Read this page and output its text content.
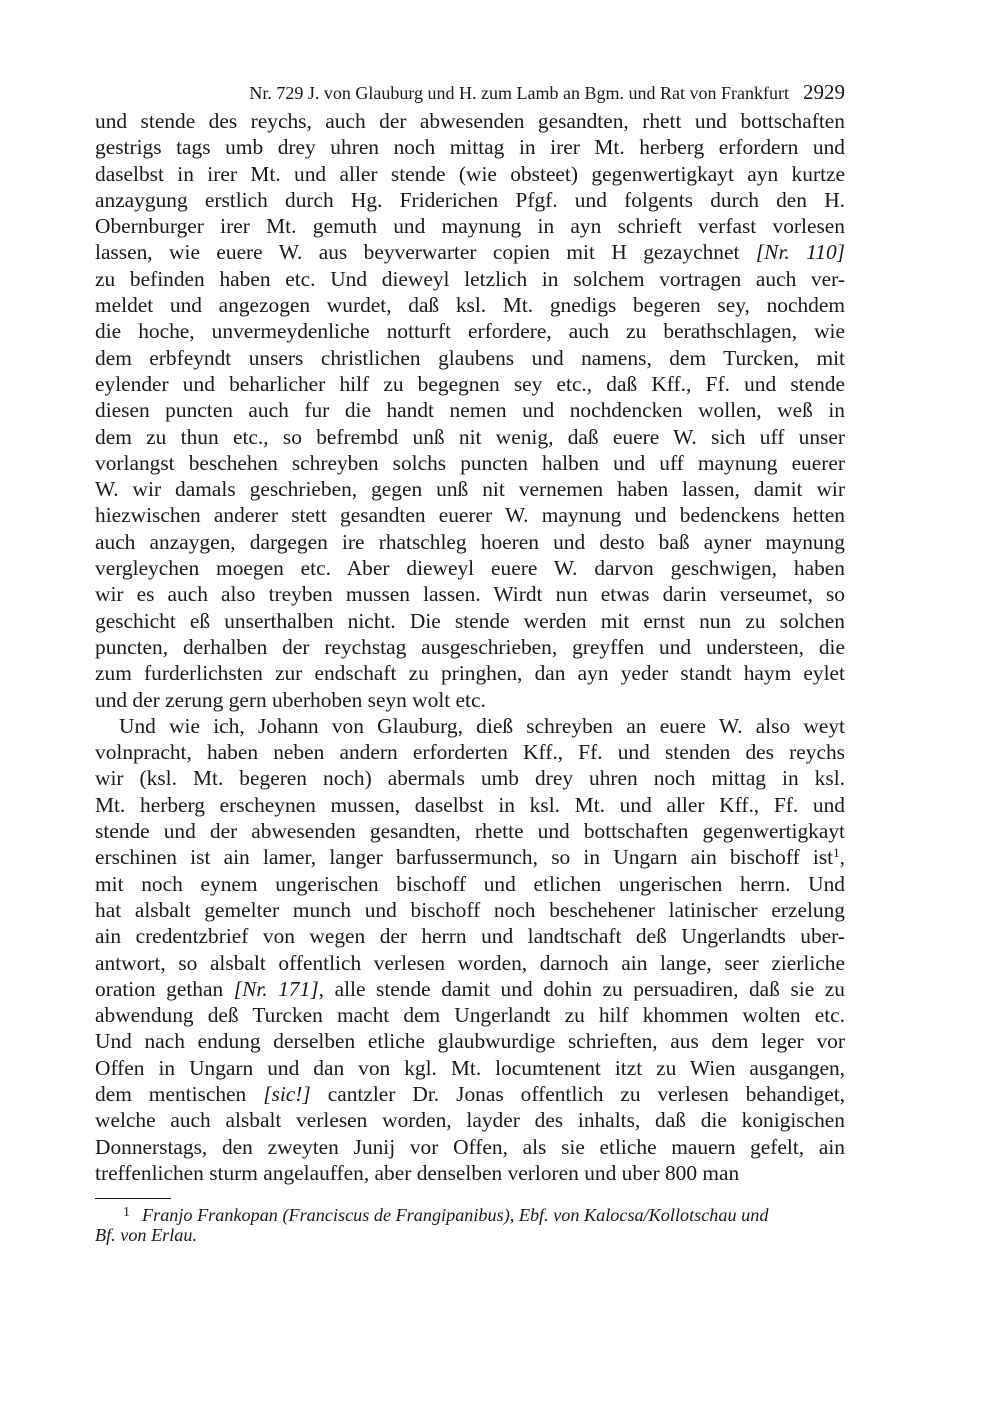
Nr. 729 J. von Glauburg und H. zum Lamb an Bgm. und Rat von Frankfurt 2929
und stende des reychs, auch der abwesenden gesandten, rhett und bottschaften
gestrigs tags umb drey uhren noch mittag in irer Mt. herberg erfordern und
daselbst in irer Mt. und aller stende (wie obsteet) gegenwertigkayt ayn kurtze
anzaygung erstlich durch Hg. Friderichen Pfgf. und folgents durch den H.
Obernburger irer Mt. gemuth und maynung in ayn schrieft verfast vorlesen
lassen, wie euere W. aus beyverwarter copien mit H gezaychnet [Nr. 110]
zu befinden haben etc. Und dieweyl letzlich in solchem vortragen auch ver-
meldet und angezogen wurdet, daß ksl. Mt. gnedigs begeren sey, nochdem
die hoche, unvermeydenliche notturft erfordere, auch zu berathschlagen, wie
dem erbfeyndt unsers christlichen glaubens und namens, dem Turcken, mit
eylender und beharlicher hilf zu begegnen sey etc., daß Kff., Ff. und stende
diesen puncten auch fur die handt nemen und nochdencken wollen, weß in
dem zu thun etc., so befrembd unß nit wenig, daß euere W. sich uff unser
vorlangst beschehen schreyben solchs puncten halben und uff maynung euerer
W. wir damals geschrieben, gegen unß nit vernemen haben lassen, damit wir
hiezwischen anderer stett gesandten euerer W. maynung und bedenckens hetten
auch anzaygen, dargegen ire rhatschleg hoeren und desto baß ayner maynung
vergleychen moegen etc. Aber dieweyl euere W. darvon geschwigen, haben
wir es auch also treyben mussen lassen. Wirdt nun etwas darin verseumet, so
geschicht eß unserthalben nicht. Die stende werden mit ernst nun zu solchen
puncten, derhalben der reychstag ausgeschrieben, greyffen und understeen, die
zum furderlichsten zur endschaft zu pringhen, dan ayn yeder standt haym eylet
und der zerung gern uberhoben seyn wolt etc.
Und wie ich, Johann von Glauburg, dieß schreyben an euere W. also weyt
volnpracht, haben neben andern erforderten Kff., Ff. und stenden des reychs
wir (ksl. Mt. begeren noch) abermals umb drey uhren noch mittag in ksl.
Mt. herberg erscheynen mussen, daselbst in ksl. Mt. und aller Kff., Ff. und
stende und der abwesenden gesandten, rhette und bottschaften gegenwertigkayt
erschinen ist ain lamer, langer barfussermunch, so in Ungarn ain bischoff ist$^1$,
mit noch eynem ungerischen bischoff und etlichen ungerischen herrn. Und
hat alsbalt gemelter munch und bischoff noch beschehener latinischer erzelung
ain credentzbrief von wegen der herrn und landtschaft deß Ungerlandts uber-
antwort, so alsbalt offentlich verlesen worden, darnoch ain lange, seer zierliche
oration gethan [Nr. 171], alle stende damit und dohin zu persuadiren, daß sie zu
abwendung deß Turcken macht dem Ungerlandt zu hilf khommen wolten etc.
Und nach endung derselben etliche glaubwurdige schrieften, aus dem leger vor
Offen in Ungarn und dan von kgl. Mt. locumtenent itzt zu Wien ausgangen,
dem mentischen [sic!] cantzler Dr. Jonas offentlich zu verlesen behandiget,
welche auch alsbalt verlesen worden, layder des inhalts, daß die konigischen
Donnerstags, den zweyten Junij vor Offen, als sie etliche mauern gefelt, ain
treffenlichen sturm angelauffen, aber denselben verloren und uber 800 man
$^1$ Franjo Frankopan (Franciscus de Frangipanibus), Ebf. von Kalocsa/Kollotschau und
Bf. von Erlau.
